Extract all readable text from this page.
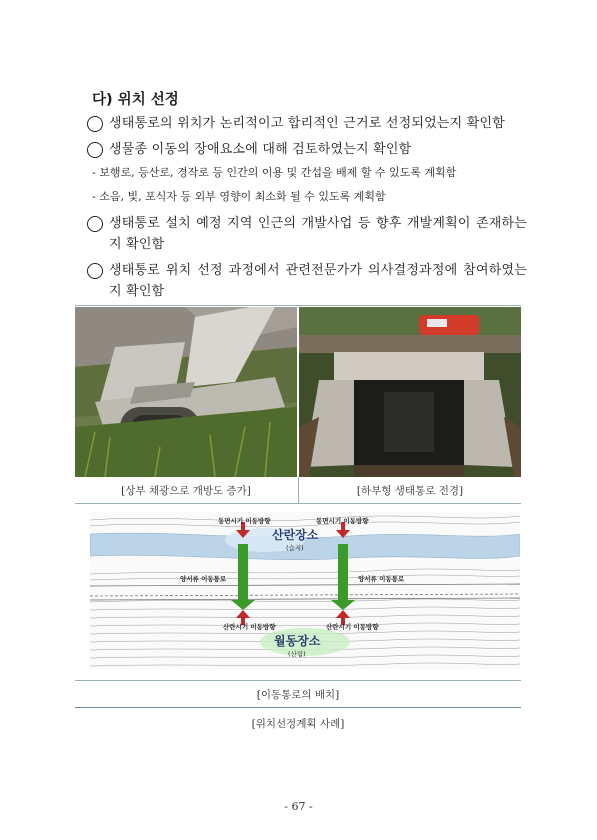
다) 위치 선정
생태통로의 위치가 논리적이고 합리적인 근거로 선정되었는지 확인함
생물종 이동의 장애요소에 대해 검토하였는지 확인함
- 보행로, 등산로, 경작로 등 인간의 이용 및 간섭을 배제 할 수 있도록 계획함
- 소음, 빛, 포식자 등 외부 영향이 최소화 될 수 있도록 계획함
생태통로 설치 예정 지역 인근의 개발사업 등 향후 개발계획이 존재하는지 확인함
생태통로 위치 선정 과정에서 관련전문가가 의사결정과정에 참여하였는지 확인함
[상부 채광으로 개방도 증가]	[하부형 생태통로 전경]
동면시기 이동방향	동면시기 이동방향
산란장소
(습지)
양서류 이동통로	양서류 이동통로
산란시기 이동방향	산란시기 이동방향
월동장소
(산림)
[이동통로의 배치]
[위치선정계획 사례]
- 67 -
